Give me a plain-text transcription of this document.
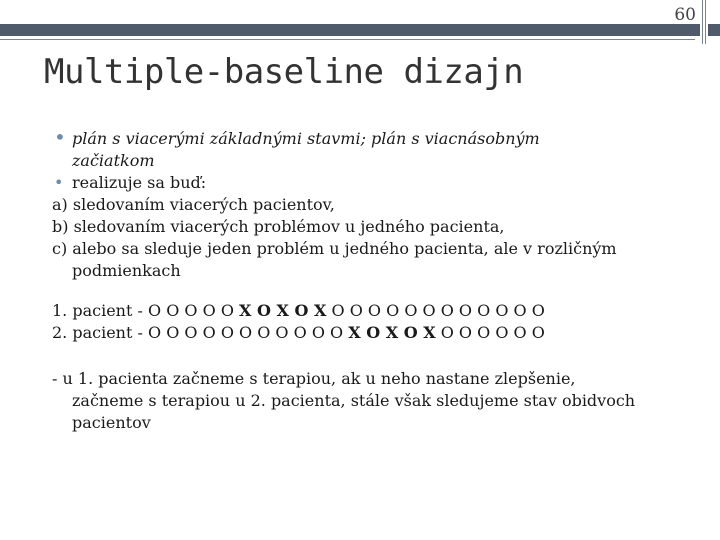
60
Multiple-baseline dizajn
• plán s viacerými základnými stavmi; plán s viacnásobným
začiatkom
• realizuje sa buď:
a) sledovaním viacerých pacientov,
b) sledovaním viacerých problémov u jedného pacienta,
c) alebo sa sleduje jeden problém u jedného pacienta, ale v rozličným
podmienkach
1. pacient - O O O O O X O X O X O O O O O O O O O O O O
2. pacient - O O O O O O O O O O O X O X O X O O O O O O
- u 1. pacienta začneme s terapiou, ak u neho nastane zlepšenie,
začneme s terapiou u 2. pacienta, stále však sledujeme stav obidvoch
pacientov
